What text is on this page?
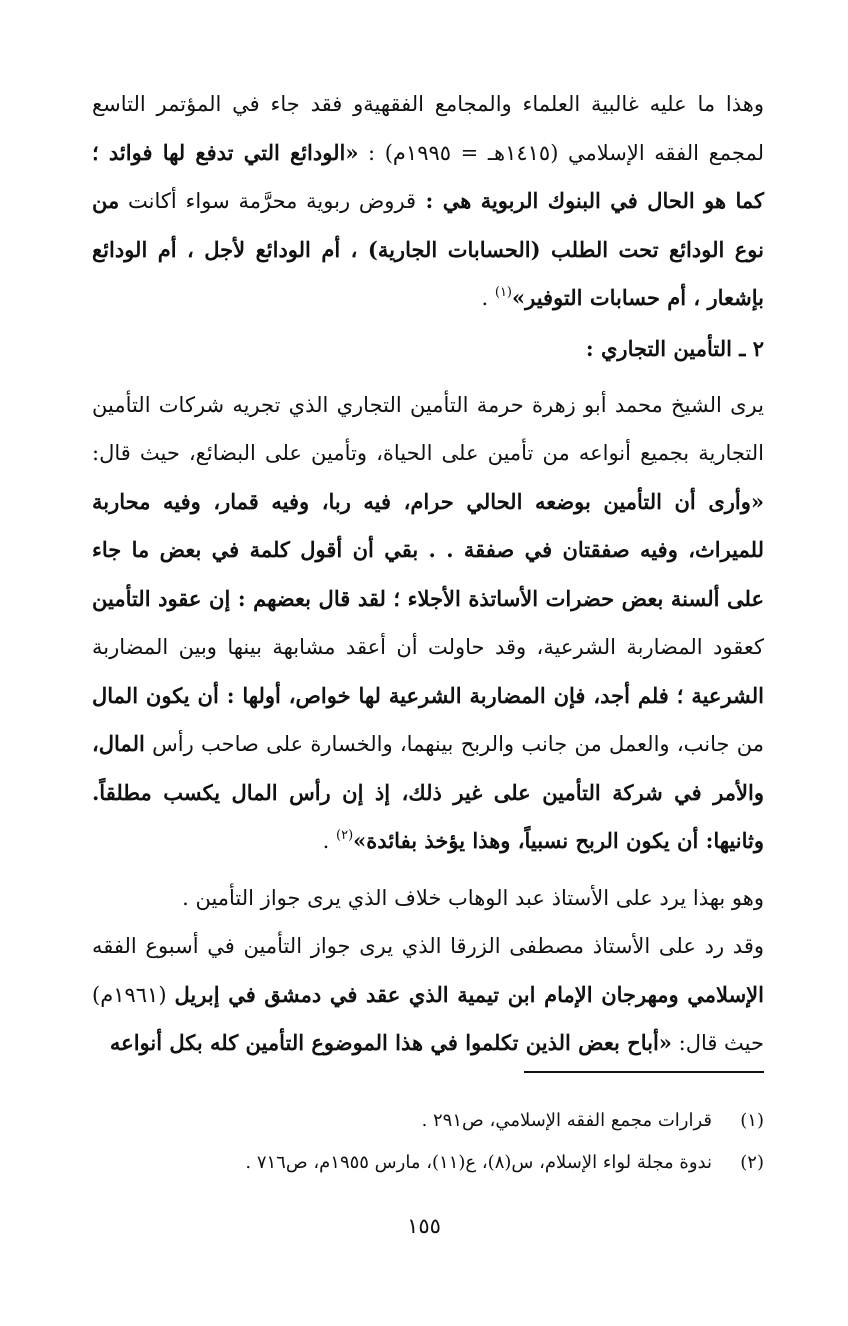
وهذا ما عليه غالبية العلماء والمجامع الفقهيةو فقد جاء في المؤتمر التاسع لمجمع الفقه الإسلامي (١٤١٥هـ = ١٩٩٥م) : «الودائع التي تدفع لها فوائد ؛ كما هو الحال في البنوك الربوية هي : قروض ربوية محرَّمة سواء أكانت من نوع الودائع تحت الطلب (الحسابات الجارية) ، أم الودائع لأجل ، أم الودائع بإشعار ، أم حسابات التوفير»$^{(١)}$ .

٢ ـ التأمين التجاري :

يرى الشيخ محمد أبو زهرة حرمة التأمين التجاري الذي تجريه شركات التأمين التجارية بجميع أنواعه من تأمين على الحياة، وتأمين على البضائع، حيث قال: «وأرى أن التأمين بوضعه الحالي حرام، فيه ربا، وفيه قمار، وفيه محاربة للميراث، وفيه صفقتان في صفقة . . بقي أن أقول كلمة في بعض ما جاء على ألسنة بعض حضرات الأساتذة الأجلاء ؛ لقد قال بعضهم : إن عقود التأمين كعقود المضاربة الشرعية، وقد حاولت أن أعقد مشابهة بينها وبين المضاربة الشرعية ؛ فلم أجد، فإن المضاربة الشرعية لها خواص، أولها : أن يكون المال من جانب، والعمل من جانب والربح بينهما، والخسارة على صاحب رأس المال، والأمر في شركة التأمين على غير ذلك، إذ إن رأس المال يكسب مطلقاً. وثانيها: أن يكون الربح نسبياً، وهذا يؤخذ بفائدة»$^{(٢)}$ .

وهو بهذا يرد على الأستاذ عبد الوهاب خلاف الذي يرى جواز التأمين .

وقد رد على الأستاذ مصطفى الزرقا الذي يرى جواز التأمين في أسبوع الفقه الإسلامي ومهرجان الإمام ابن تيمية الذي عقد في دمشق في إبريل (١٩٦١م) حيث قال: «أباح بعض الذين تكلموا في هذا الموضوع التأمين كله بكل أنواعه

(١)
قرارات مجمع الفقه الإسلامي، ص٢٩١ .
(٢)
ندوة مجلة لواء الإسلام، س(٨)، ع(١١)، مارس ١٩٥٥م، ص٧١٦ .
١٥٥
